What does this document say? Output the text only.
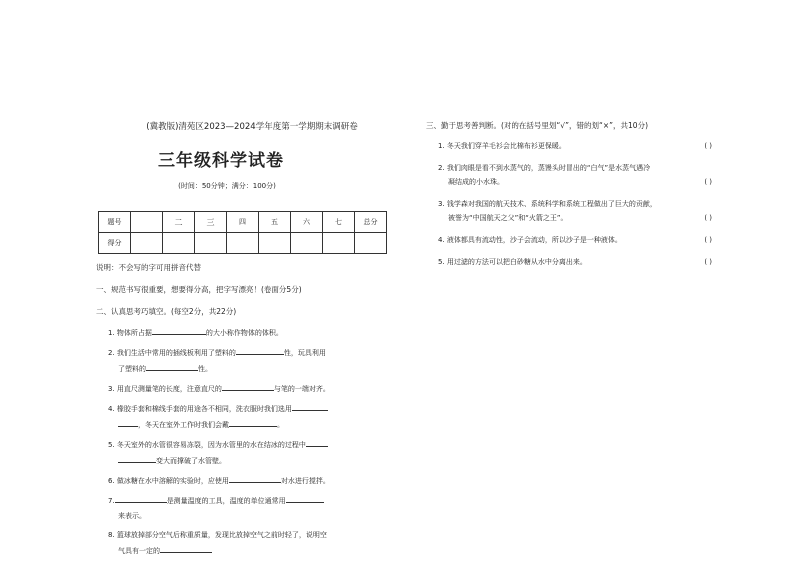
(冀教版)清苑区2023—2024学年度第一学期期末调研卷
三年级科学试卷
(时间：50分钟；满分：100分)
题号		二	三	四	五	六	七	总分
得分								
说明：不会写的字可用拼音代替
一、规范书写很重要，想要得分高，把字写漂亮！(卷面分5分)
二、认真思考巧填空。(每空2分，共22分)
1. 物体所占据	的大小称作物体的体积。
2. 我们生活中常用的插线板利用了塑料的	性，玩具利用
了塑料的	性。
3. 用直尺测量笔的长度，注意直尺的	与笔的一端对齐。
4. 橡胶手套和棉线手套的用途各不相同，洗衣服时我们选用
，冬天在室外工作时我们会戴	。
5. 冬天室外的水管很容易冻裂，因为水管里的水在结冰的过程中
变大而撑破了水管壁。
6. 做冰糖在水中溶解的实验时，应使用	对水进行搅拌。
7.	是测量温度的工具，温度的单位通常用
来表示。
8. 篮球放掉部分空气后称重质量，发现比放掉空气之前时轻了，说明空
气具有一定的
三、勤于思考善判断。(对的在括号里划“√”，错的划“×”，共10分)
1. 冬天我们穿羊毛衫会比棉布衫更保暖。	( )
2. 我们肉眼是看不到水蒸气的，蒸馒头时冒出的“白气”是水蒸气遇冷
凝结成的小水珠。	( )
3. 钱学森对我国的航天技术、系统科学和系统工程做出了巨大的贡献，
被誉为“中国航天之父”和“火箭之王”。	( )
4. 液体都具有流动性，沙子会流动，所以沙子是一种液体。	( )
5. 用过滤的方法可以把白砂糖从水中分离出来。	( )
